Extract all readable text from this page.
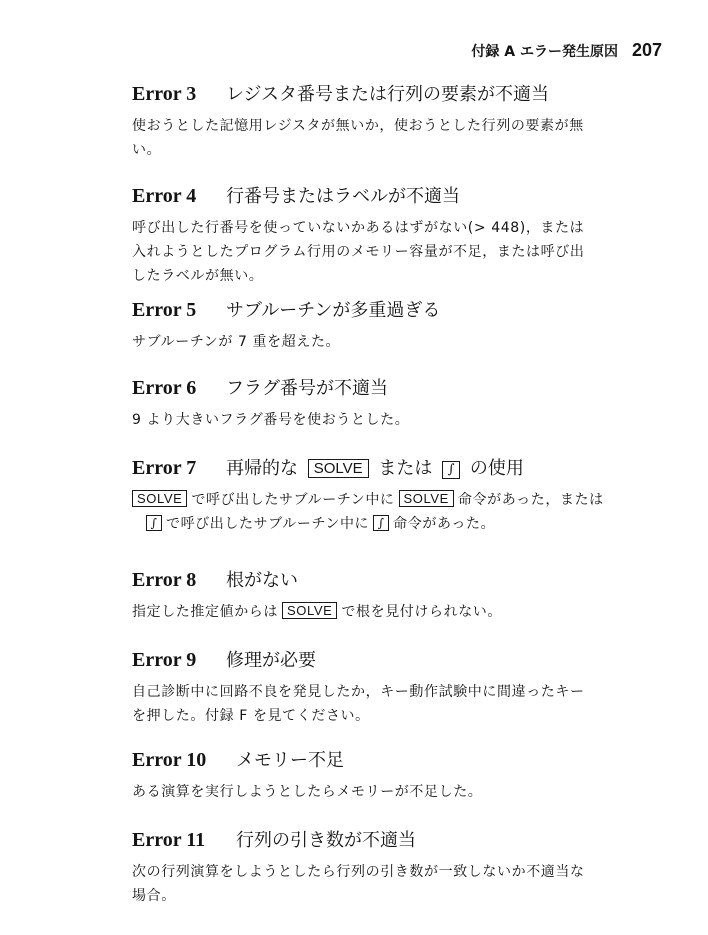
付録 A エラー発生原因 207
Error 3	レジスタ番号または行列の要素が不適当
使おうとした記憶用レジスタが無いか，使おうとした行列の要素が無
い。
Error 4	行番号またはラベルが不適当
呼び出した行番号を使っていないかあるはずがない(> 448)，または
入れようとしたプログラム行用のメモリー容量が不足，または呼び出
したラベルが無い。
Error 5	サブルーチンが多重過ぎる
サブルーチンが 7 重を超えた。
Error 6	フラグ番号が不適当
9 より大きいフラグ番号を使おうとした。
Error 7	再帰的な SOLVE または ∫ の使用
SOLVE で呼び出したサブルーチン中に SOLVE 命令があった，または
∫ で呼び出したサブルーチン中に ∫ 命令があった。
Error 8	根がない
指定した推定値からは SOLVE で根を見付けられない。
Error 9	修理が必要
自己診断中に回路不良を発見したか，キー動作試験中に間違ったキー
を押した。付録 F を見てください。
Error 10	メモリー不足
ある演算を実行しようとしたらメモリーが不足した。
Error 11	行列の引き数が不適当
次の行列演算をしようとしたら行列の引き数が一致しないか不適当な
場合。
